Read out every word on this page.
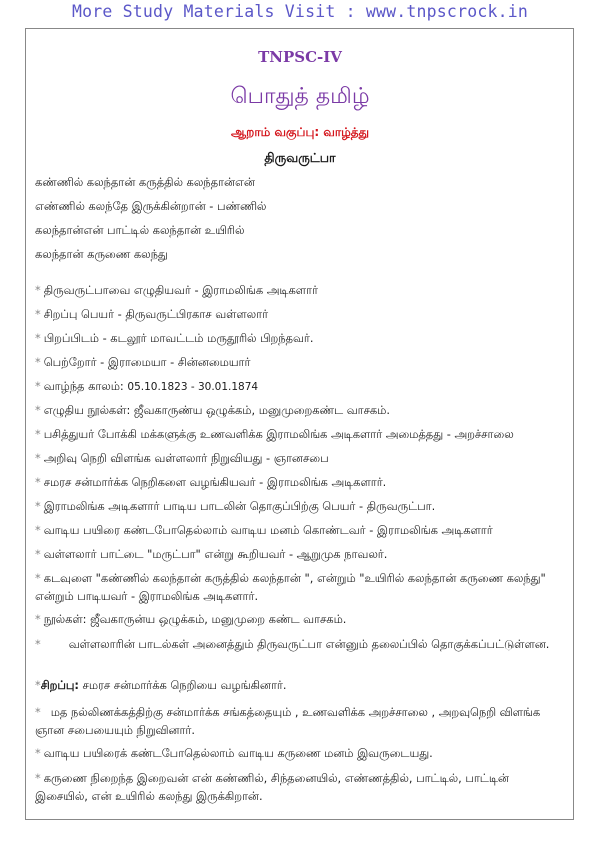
More Study Materials Visit : www.tnpscrock.in
TNPSC-IV
பொதுத் தமிழ்
ஆறாம் வகுப்பு: வாழ்த்து
திருவருட்பா
கண்ணில் கலந்தான் கருத்தில் கலந்தான்என்
எண்ணில் கலந்தே இருக்கின்றான் - பண்ணில்
கலந்தான்என் பாட்டில் கலந்தான் உயிரில்
கலந்தான் கருணை கலந்து
* திருவருட்பாவை எழுதியவர் - இராமலிங்க அடிகளார்
* சிறப்பு பெயர் - திருவருட்பிரகாச வள்ளலார்
* பிறப்பிடம் - கடலூர் மாவட்டம் மருதூரில் பிறந்தவர்.
* பெற்றோர் - இராமையா - சின்னமையார்
* வாழ்ந்த காலம்: 05.10.1823 - 30.01.1874
* எழுதிய நூல்கள்: ஜீவகாருண்ய ஒழுக்கம், மனுமுறைகண்ட வாசகம்.
* பசித்துயர் போக்கி மக்களுக்கு உணவளிக்க இராமலிங்க அடிகளார் அமைத்தது - அறச்சாலை
* அறிவு நெறி விளங்க வள்ளலார் நிறுவியது - ஞானசபை
* சமரச சன்மார்க்க நெறிகளை வழங்கியவர் - இராமலிங்க அடிகளார்.
* இராமலிங்க அடிகளார் பாடிய பாடலின் தொகுப்பிற்கு பெயர் - திருவருட்பா.
* வாடிய பயிரை கண்டபோதெல்லாம் வாடிய மனம் கொண்டவர் - இராமலிங்க அடிகளார்
* வள்ளலார் பாட்டை "மருட்பா" என்று கூறியவர் - ஆறுமுக நாவலர்.
* கடவுளை "கண்ணில் கலந்தான் கருத்தில் கலந்தான் ", என்றும் "உயிரில் கலந்தான் கருணை கலந்து" என்றும் பாடியவர் - இராமலிங்க அடிகளார்.
* நூல்கள்: ஜீவகாருன்ய ஒழுக்கம், மனுமுறை கண்ட வாசகம்.
* வள்ளலாரின் பாடல்கள் அனைத்தும் திருவருட்பா என்னும் தலைப்பில் தொகுக்கப்பட்டுள்ளன.
*சிறப்பு: சமரச சன்மார்க்க நெறியை வழங்கினார்.
* மத நல்லிணக்கத்திற்கு சன்மார்க்க சங்கத்தையும் , உணவளிக்க அறச்சாலை , அறவுநெறி விளங்க ஞான சபையையும் நிறுவினார்.
* வாடிய பயிரைக் கண்டபோதெல்லாம் வாடிய கருணை மனம் இவருடையது.
* கருணை நிறைந்த இறைவன் என் கண்ணில், சிந்தனையில், எண்ணத்தில், பாட்டில், பாட்டின் இசையில், என் உயிரில் கலந்து இருக்கிறான்.
